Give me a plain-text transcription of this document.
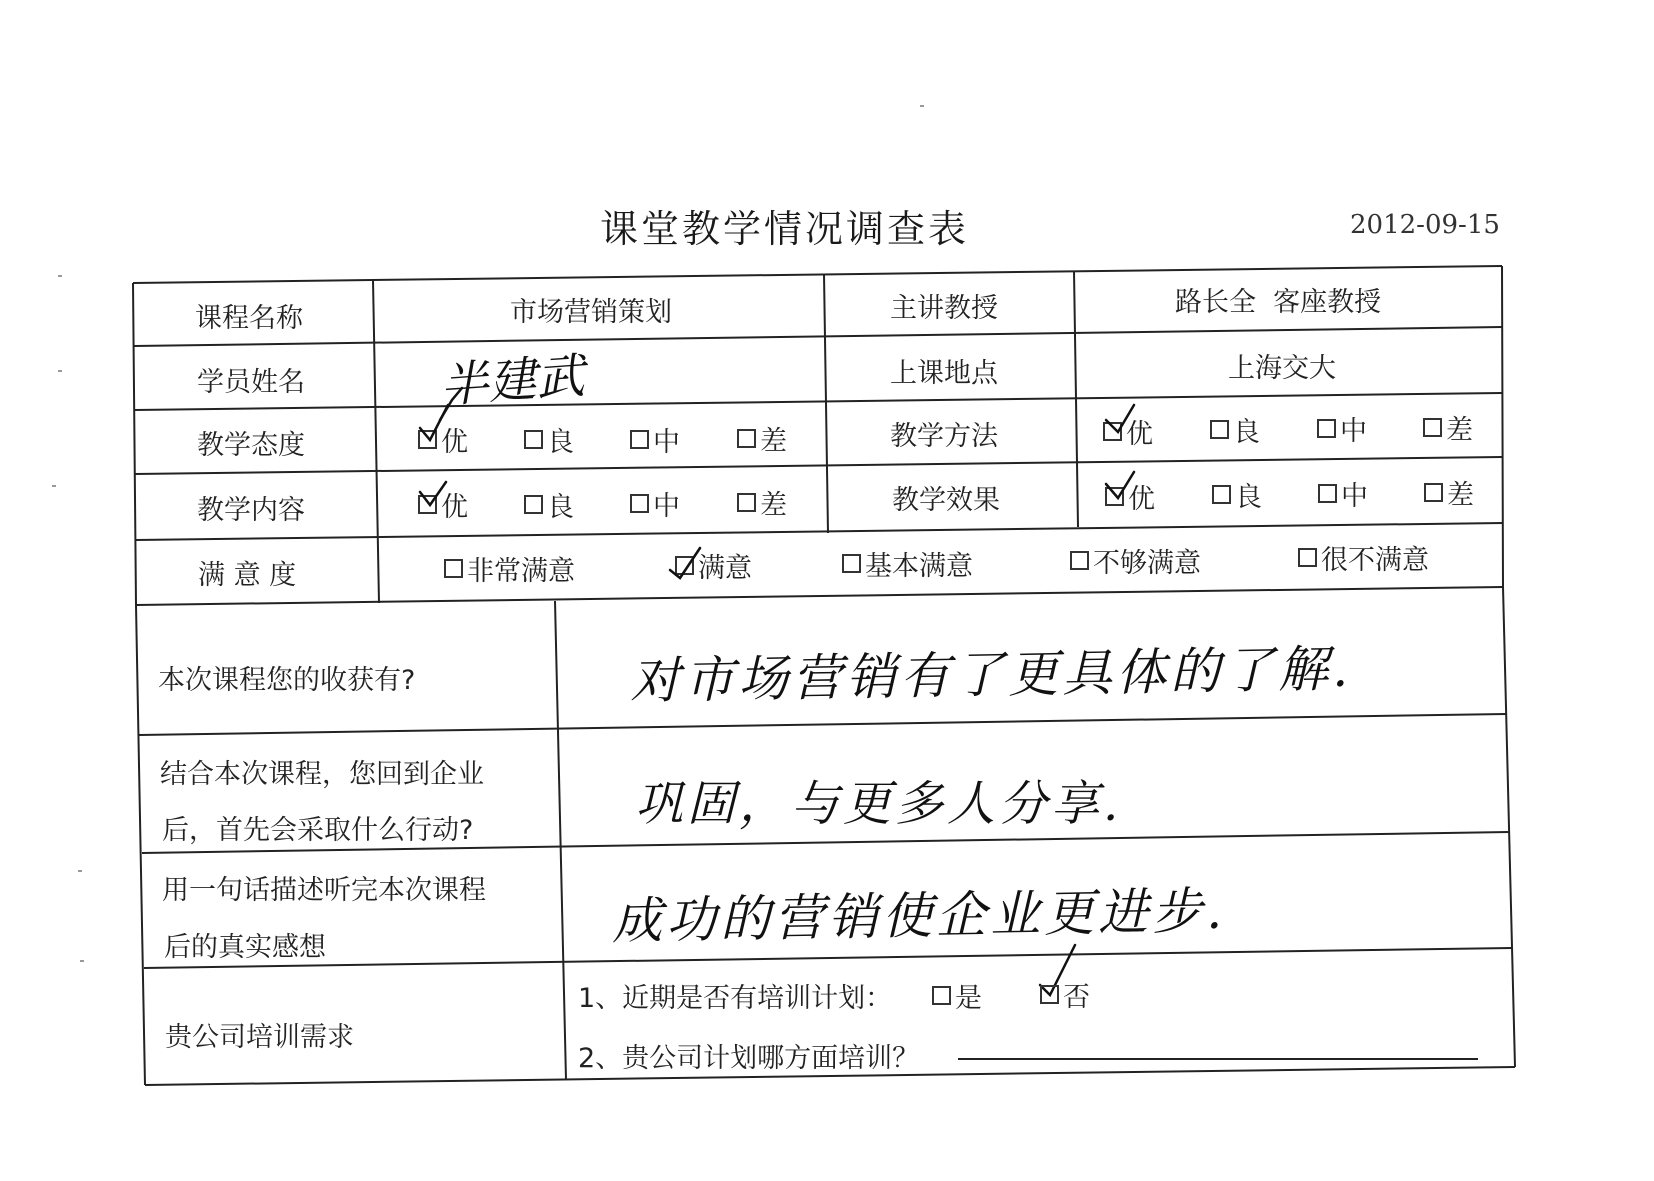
课堂教学情况调查表	2012-09-15
课程名称	市场营销策划	主讲教授	路长全  客座教授
学员姓名	半建武	上课地点	上海交大
教学态度	优	良	中	差	教学方法	优	良	中	差
教学内容	优	良	中	差	教学效果	优	良	中	差
满 意 度	非常满意	满意	基本满意	不够满意	很不满意
本次课程您的收获有?	对市场营销有了更具体的了解.
结合本次课程，您回到企业
后，首先会采取什么行动?	巩固，与更多人分享.
用一句话描述听完本次课程
后的真实感想	成功的营销使企业更进步.
贵公司培训需求
1、近期是否有培训计划： 是	否
2、贵公司计划哪方面培训？
